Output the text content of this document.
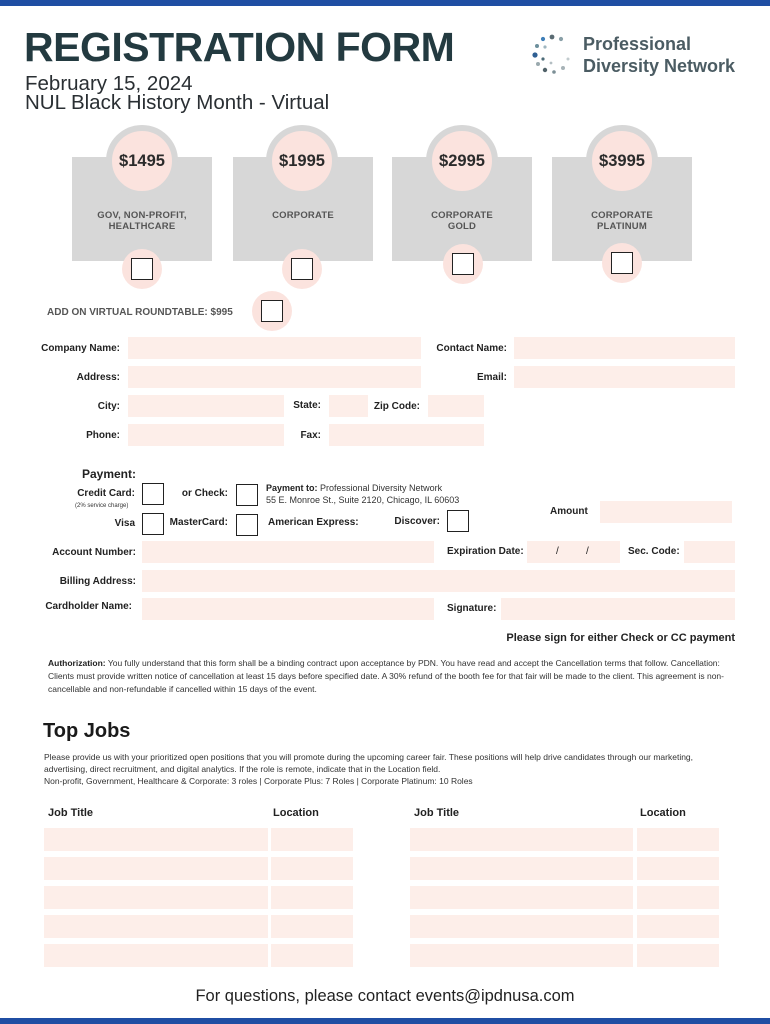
REGISTRATION FORM
February 15, 2024
NUL Black History Month - Virtual
Professional
Diversity Network
$1495
GOV, NON-PROFIT,
HEALTHCARE
$1995
CORPORATE
$2995
CORPORATE
GOLD
$3995
CORPORATE
PLATINUM
ADD ON VIRTUAL ROUNDTABLE: $995
Company Name:	Contact Name:
Address:	Email:
City:	State:	Zip Code:
Phone:	Fax:
Payment:
Credit Card:
(2% service charge)
or Check:	Payment to: Professional Diversity Network
55 E. Monroe St., Suite 2120, Chicago, IL 60603
Amount
Visa	MasterCard:	American Express:	Discover:
Account Number:	Expiration Date:	/	/	Sec. Code:
Billing Address:
Cardholder Name:	Signature:
Please sign for either Check or CC payment
Authorization: You fully understand that this form shall be a binding contract upon acceptance by PDN. You have read and accept the Cancellation terms that follow. Cancellation: Clients must provide written notice of cancellation at least 15 days before specified date. A 30% refund of the booth fee for that fair will be made to the client. This agreement is non-cancellable and non-refundable if cancelled within 15 days of the event.
Top Jobs
Please provide us with your prioritized open positions that you will promote during the upcoming career fair. These positions will help drive candidates through our marketing, advertising, direct recruitment, and digital analytics. If the role is remote, indicate that in the Location field.
Non-profit, Government, Healthcare & Corporate: 3 roles | Corporate Plus: 7 Roles | Corporate Platinum: 10 Roles
Job Title	Location	Job Title	Location
For questions, please contact events@ipdnusa.com
